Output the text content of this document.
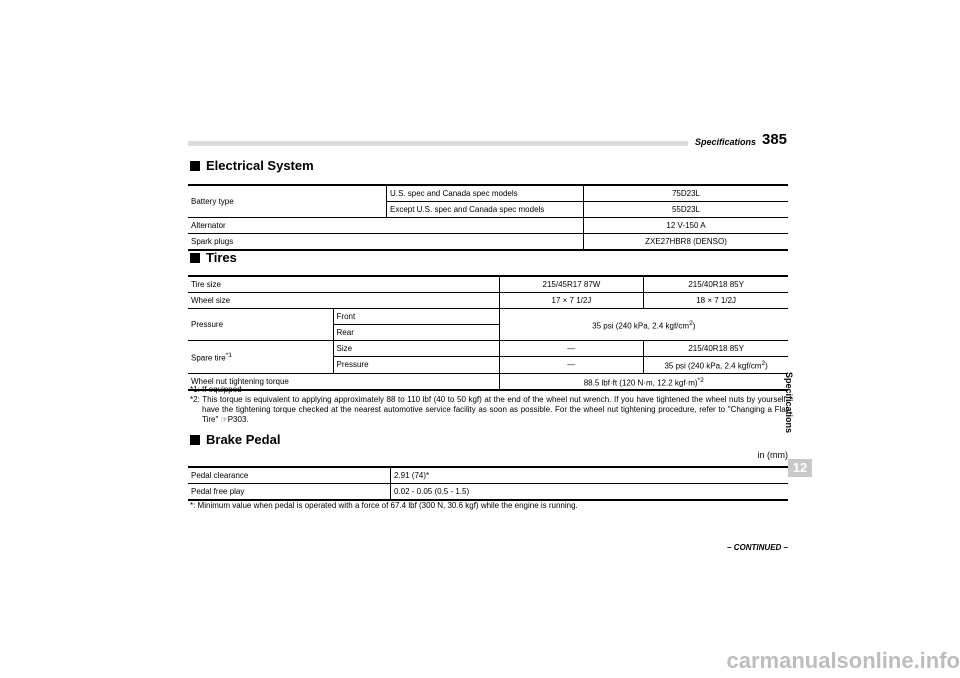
Specifications 385
Electrical System
Battery type	U.S. spec and Canada spec models	75D23L
	Except U.S. spec and Canada spec models	55D23L
Alternator		12 V-150 A
Spark plugs		ZXE27HBR8 (DENSO)
Tires
Tire size		215/45R17 87W	215/40R18 85Y
Wheel size		17 × 7 1/2J	18 × 7 1/2J
Pressure	Front	35 psi (240 kPa, 2.4 kgf/$cm^2$)	
	Rear		
Spare tire$^{*1}$	Size	—	215/40R18 85Y
	Pressure	—	35 psi (240 kPa, 2.4 kgf/$cm^2$)
Wheel nut tightening torque		88.5 lbf·ft (120 N·m, 12.2 kgf·m)$^{*2}$
*1: If equipped
*2: This torque is equivalent to applying approximately 88 to 110 lbf (40 to 50 kgf) at the end of the wheel nut wrench. If you have tightened the wheel nuts by yourself, have the tightening torque checked at the nearest automotive service facility as soon as possible. For the wheel nut tightening procedure, refer to "Changing a Flat Tire" ☞P303.
Brake Pedal
in (mm)
Pedal clearance	2.91 (74)*
Pedal free play	0.02 - 0.05 (0.5 - 1.5)
*: Minimum value when pedal is operated with a force of 67.4 lbf (300 N, 30.6 kgf) while the engine is running.
Specifications
12
– CONTINUED –
carmanualsonline.info
